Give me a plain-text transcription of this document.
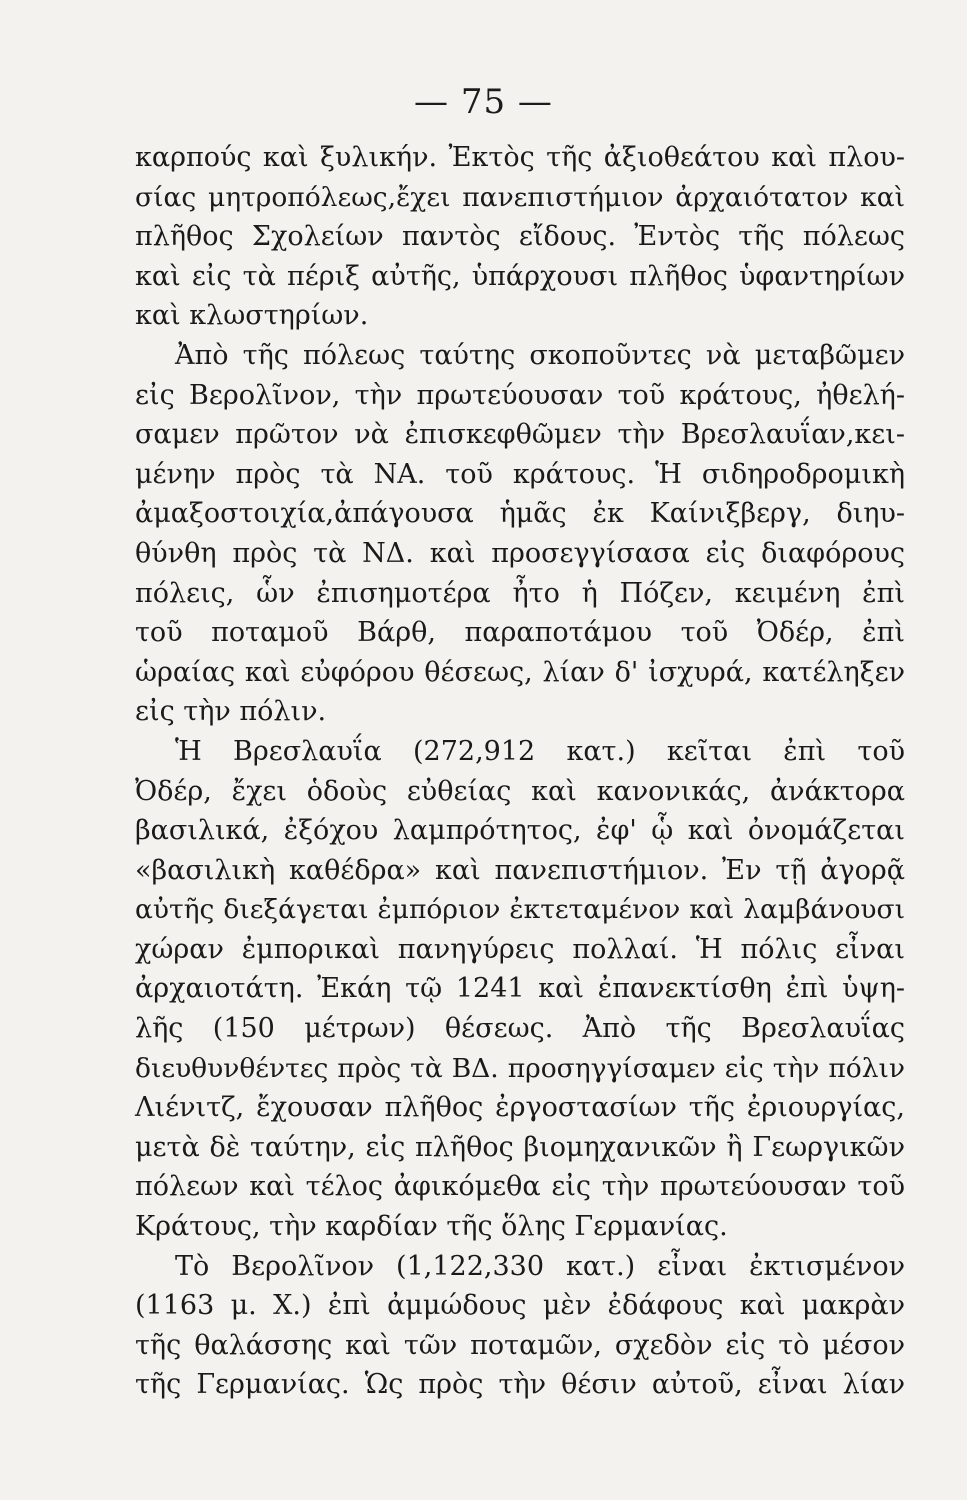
— 75 —
καρπούς καὶ ξυλικήν. Ἐκτὸς τῆς ἀξιοθεάτου καὶ πλου-
σίας μητροπόλεως,ἔχει πανεπιστήμιον ἀρχαιότατον καὶ
πλῆθος Σχολείων παντὸς εἴδους. Ἐντὸς τῆς πόλεως
καὶ εἰς τὰ πέριξ αὐτῆς, ὑπάρχουσι πλῆθος ὑφαντηρίων
καὶ κλωστηρίων.
Ἀπὸ τῆς πόλεως ταύτης σκοποῦντες νὰ μεταβῶμεν
εἰς Βερολῖνον, τὴν πρωτεύουσαν τοῦ κράτους, ἠθελή-
σαμεν πρῶτον νὰ ἐπισκεφθῶμεν τὴν Βρεσλαυΐαν,κει-
μένην πρὸς τὰ ΝΑ. τοῦ κράτους. Ἡ σιδηροδρομικὴ
ἀμαξοστοιχία,ἀπάγουσα ἡμᾶς ἐκ Καίνιξβεργ, διηυ-
θύνθη πρὸς τὰ ΝΔ. καὶ προσεγγίσασα εἰς διαφόρους
πόλεις, ὧν ἐπισημοτέρα ἦτο ἡ Πόζεν, κειμένη ἐπὶ
τοῦ ποταμοῦ Βάρθ, παραποτάμου τοῦ Ὀδέρ, ἐπὶ
ὡραίας καὶ εὐφόρου θέσεως, λίαν δ' ἰσχυρά, κατέληξεν
εἰς τὴν πόλιν.
Ἡ Βρεσλαυΐα (272,912 κατ.) κεῖται ἐπὶ τοῦ
Ὀδέρ, ἔχει ὁδοὺς εὐθείας καὶ κανονικάς, ἀνάκτορα
βασιλικά, ἐξόχου λαμπρότητος, ἐφ' ᾧ καὶ ὀνομάζεται
«βασιλικὴ καθέδρα» καὶ πανεπιστήμιον. Ἐν τῇ ἀγορᾷ
αὐτῆς διεξάγεται ἐμπόριον ἐκτεταμένον καὶ λαμβάνουσι
χώραν ἐμπορικαὶ πανηγύρεις πολλαί. Ἡ πόλις εἶναι
ἀρχαιοτάτη. Ἐκάη τῷ 1241 καὶ ἐπανεκτίσθη ἐπὶ ὑψη-
λῆς (150 μέτρων) θέσεως. Ἀπὸ τῆς Βρεσλαυΐας
διευθυνθέντες πρὸς τὰ ΒΔ. προσηγγίσαμεν εἰς τὴν πόλιν
Λιένιτζ, ἔχουσαν πλῆθος ἐργοστασίων τῆς ἐριουργίας,
μετὰ δὲ ταύτην, εἰς πλῆθος βιομηχανικῶν ἢ Γεωργικῶν
πόλεων καὶ τέλος ἀφικόμεθα εἰς τὴν πρωτεύουσαν τοῦ
Κράτους, τὴν καρδίαν τῆς ὅλης Γερμανίας.
Τὸ Βερολῖνον (1,122,330 κατ.) εἶναι ἐκτισμένον
(1163 μ. Χ.) ἐπὶ ἀμμώδους μὲν ἐδάφους καὶ μακρὰν
τῆς θαλάσσης καὶ τῶν ποταμῶν, σχεδὸν εἰς τὸ μέσον
τῆς Γερμανίας. Ὡς πρὸς τὴν θέσιν αὐτοῦ, εἶναι λίαν
